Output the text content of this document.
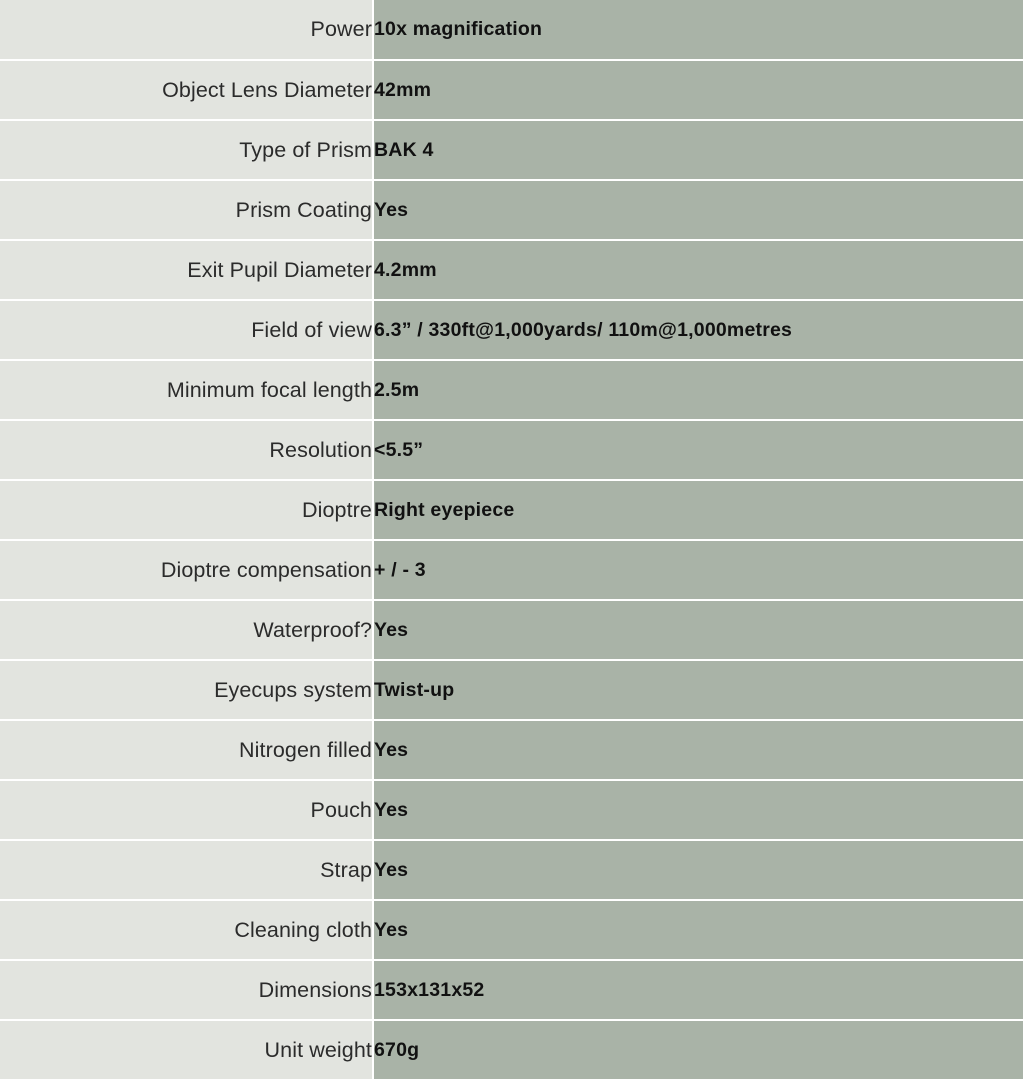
Power	10x magnification
Object Lens Diameter	42mm
Type of Prism	BAK 4
Prism Coating	Yes
Exit Pupil Diameter	4.2mm
Field of view	6.3” / 330ft@1,000yards/ 110m@1,000metres
Minimum focal length	2.5m
Resolution	<5.5”
Dioptre	Right eyepiece
Dioptre compensation	+ / - 3
Waterproof?	Yes
Eyecups system	Twist-up
Nitrogen filled	Yes
Pouch	Yes
Strap	Yes
Cleaning cloth	Yes
Dimensions	153x131x52
Unit weight	670g
